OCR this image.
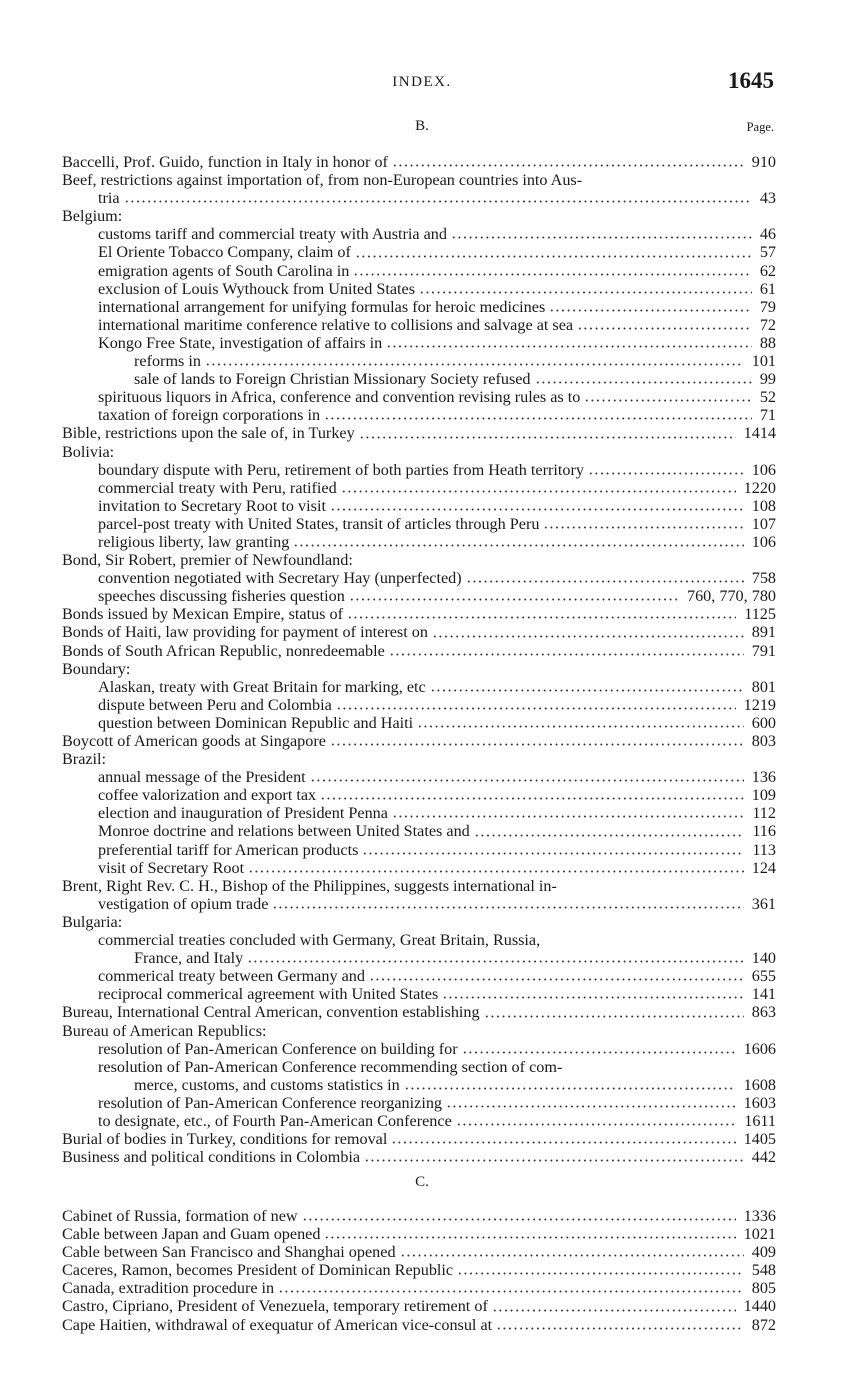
INDEX.	1645
B.	Page.
Baccelli, Prof. Guido, function in Italy in honor of	910
Beef, restrictions against importation of, from non-European countries into Aus-
tria	43
Belgium:
customs tariff and commercial treaty with Austria and	46
El Oriente Tobacco Company, claim of	57
emigration agents of South Carolina in	62
exclusion of Louis Wythouck from United States	61
international arrangement for unifying formulas for heroic medicines	79
international maritime conference relative to collisions and salvage at sea	72
Kongo Free State, investigation of affairs in	88
reforms in	101
sale of lands to Foreign Christian Missionary Society refused	99
spirituous liquors in Africa, conference and convention revising rules as to	52
taxation of foreign corporations in	71
Bible, restrictions upon the sale of, in Turkey	1414
Bolivia:
boundary dispute with Peru, retirement of both parties from Heath territory	106
commercial treaty with Peru, ratified	1220
invitation to Secretary Root to visit	108
parcel-post treaty with United States, transit of articles through Peru	107
religious liberty, law granting	106
Bond, Sir Robert, premier of Newfoundland:
convention negotiated with Secretary Hay (unperfected)	758
speeches discussing fisheries question	760, 770, 780
Bonds issued by Mexican Empire, status of	1125
Bonds of Haiti, law providing for payment of interest on	891
Bonds of South African Republic, nonredeemable	791
Boundary:
Alaskan, treaty with Great Britain for marking, etc	801
dispute between Peru and Colombia	1219
question between Dominican Republic and Haiti	600
Boycott of American goods at Singapore	803
Brazil:
annual message of the President	136
coffee valorization and export tax	109
election and inauguration of President Penna	112
Monroe doctrine and relations between United States and	116
preferential tariff for American products	113
visit of Secretary Root	124
Brent, Right Rev. C. H., Bishop of the Philippines, suggests international in-
vestigation of opium trade	361
Bulgaria:
commercial treaties concluded with Germany, Great Britain, Russia,
France, and Italy	140
commerical treaty between Germany and	655
reciprocal commerical agreement with United States	141
Bureau, International Central American, convention establishing	863
Bureau of American Republics:
resolution of Pan-American Conference on building for	1606
resolution of Pan-American Conference recommending section of com-
merce, customs, and customs statistics in	1608
resolution of Pan-American Conference reorganizing	1603
to designate, etc., of Fourth Pan-American Conference	1611
Burial of bodies in Turkey, conditions for removal	1405
Business and political conditions in Colombia	442
C.
Cabinet of Russia, formation of new	1336
Cable between Japan and Guam opened	1021
Cable between San Francisco and Shanghai opened	409
Caceres, Ramon, becomes President of Dominican Republic	548
Canada, extradition procedure in	805
Castro, Cipriano, President of Venezuela, temporary retirement of	1440
Cape Haitien, withdrawal of exequatur of American vice-consul at	872
